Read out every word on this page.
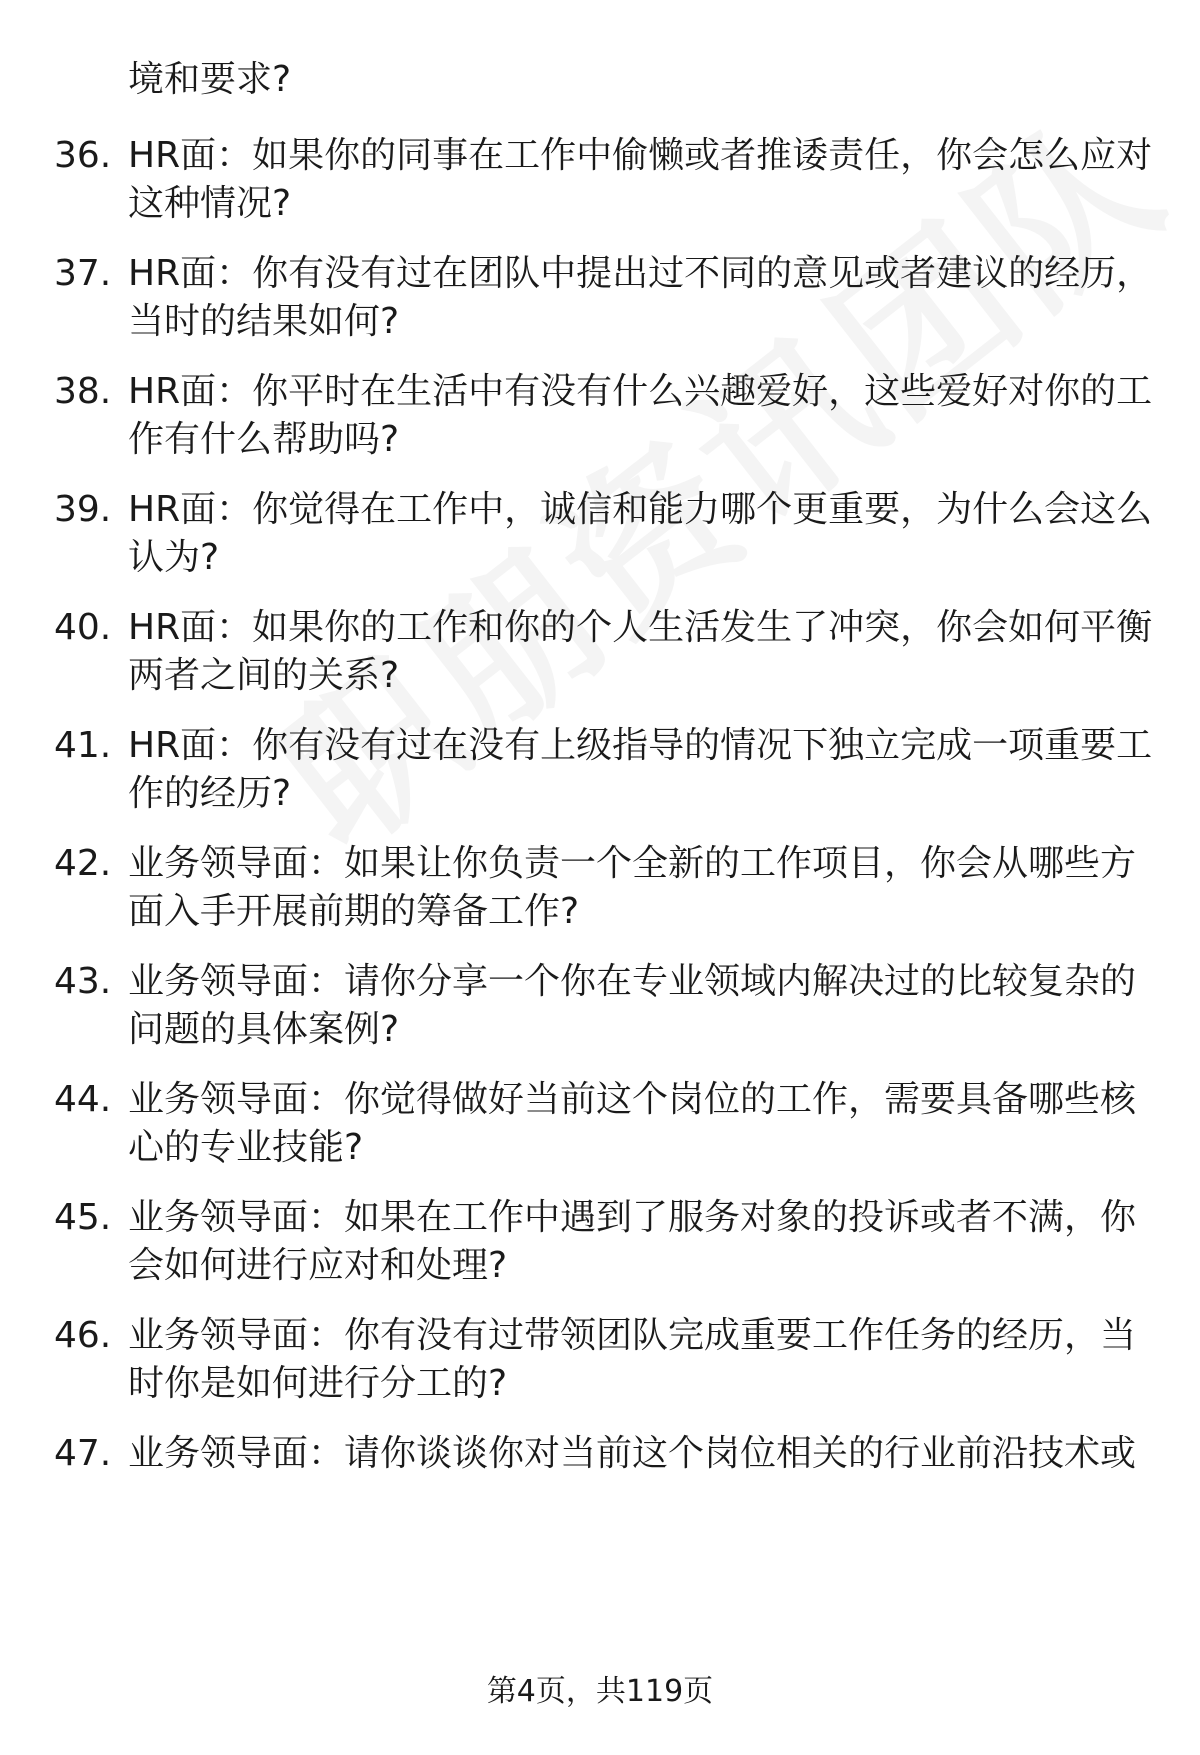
境和要求?
36. HR面：如果你的同事在工作中偷懒或者推诿责任，你会怎么应对
这种情况?
37. HR面：你有没有过在团队中提出过不同的意见或者建议的经历，
当时的结果如何?
38. HR面：你平时在生活中有没有什么兴趣爱好，这些爱好对你的工
作有什么帮助吗?
39. HR面：你觉得在工作中，诚信和能力哪个更重要，为什么会这么
认为?
40. HR面：如果你的工作和你的个人生活发生了冲突，你会如何平衡
两者之间的关系?
41. HR面：你有没有过在没有上级指导的情况下独立完成一项重要工
作的经历?
42. 业务领导面：如果让你负责一个全新的工作项目，你会从哪些方
面入手开展前期的筹备工作?
43. 业务领导面：请你分享一个你在专业领域内解决过的比较复杂的
问题的具体案例?
44. 业务领导面：你觉得做好当前这个岗位的工作，需要具备哪些核
心的专业技能?
45. 业务领导面：如果在工作中遇到了服务对象的投诉或者不满，你
会如何进行应对和处理?
46. 业务领导面：你有没有过带领团队完成重要工作任务的经历，当
时你是如何进行分工的?
47. 业务领导面：请你谈谈你对当前这个岗位相关的行业前沿技术或
第4页，共119页
